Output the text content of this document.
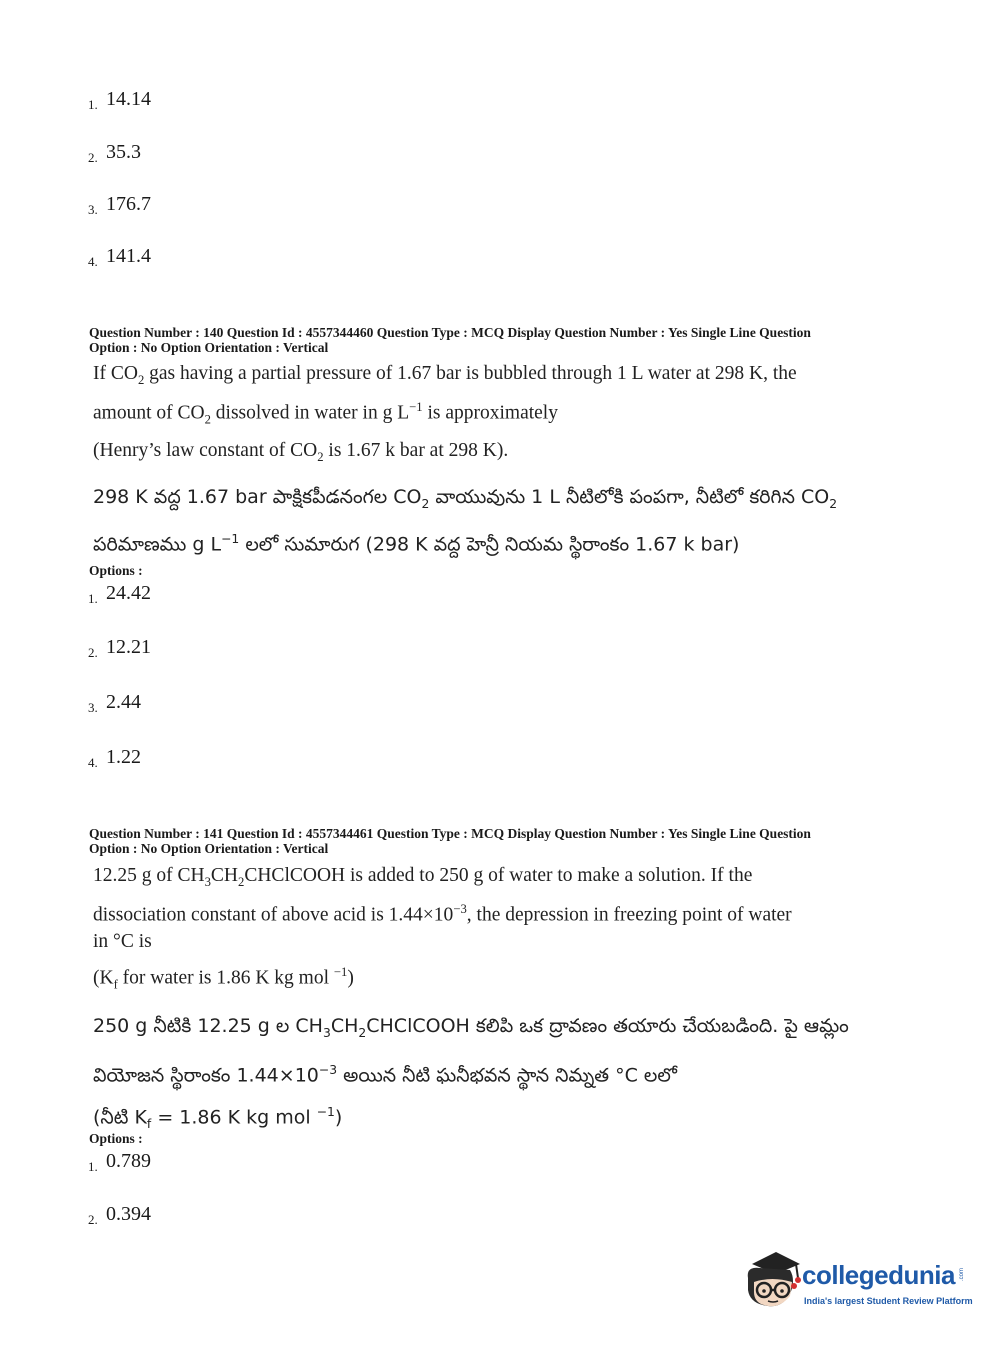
1. 14.14
2. 35.3
3. 176.7
4. 141.4
Question Number : 140 Question Id : 4557344460 Question Type : MCQ Display Question Number : Yes Single Line Question
Option : No Option Orientation : Vertical
If $CO_2$ gas having a partial pressure of 1.67 bar is bubbled through 1 L water at 298 K, the
amount of $CO_2$ dissolved in water in g $L^{-1}$ is approximately
(Henry’s law constant of $CO_2$ is 1.67 k bar at 298 K).
298 K వద్ద 1.67 bar పాక్షికపీడనంగల $CO_2$ వాయువును 1 L నీటిలోకి పంపగా, నీటిలో కరిగిన $CO_2$
పరిమాణము g $L^{-1}$ లలో సుమారుగ (298 K వద్ద హెన్రీ నియమ స్థిరాంకం 1.67 k bar)
Options :
1. 24.42
2. 12.21
3. 2.44
4. 1.22
Question Number : 141 Question Id : 4557344461 Question Type : MCQ Display Question Number : Yes Single Line Question
Option : No Option Orientation : Vertical
12.25 g of $CH_3CH_2CHClCOOH$ is added to 250 g of water to make a solution. If the
dissociation constant of above acid is $1.44\times 10^{-3}$, the depression in freezing point of water
in °C is
($K_f$ for water is 1.86 K kg mol $^{-1}$)
250 g నీటికి 12.25 g ల $CH_3CH_2CHClCOOH$ కలిపి ఒక ద్రావణం తయారు చేయబడింది. పై ఆమ్లం
వియోజన స్థిరాంకం $1.44\times 10^{-3}$ అయిన నీటి ఘనీభవన స్థాన నిమ్నత °C లలో
(నీటి $K_f = 1.86$ K kg mol $^{-1}$)
Options :
1. 0.789
2. 0.394
collegedunia .com
India's largest Student Review Platform
